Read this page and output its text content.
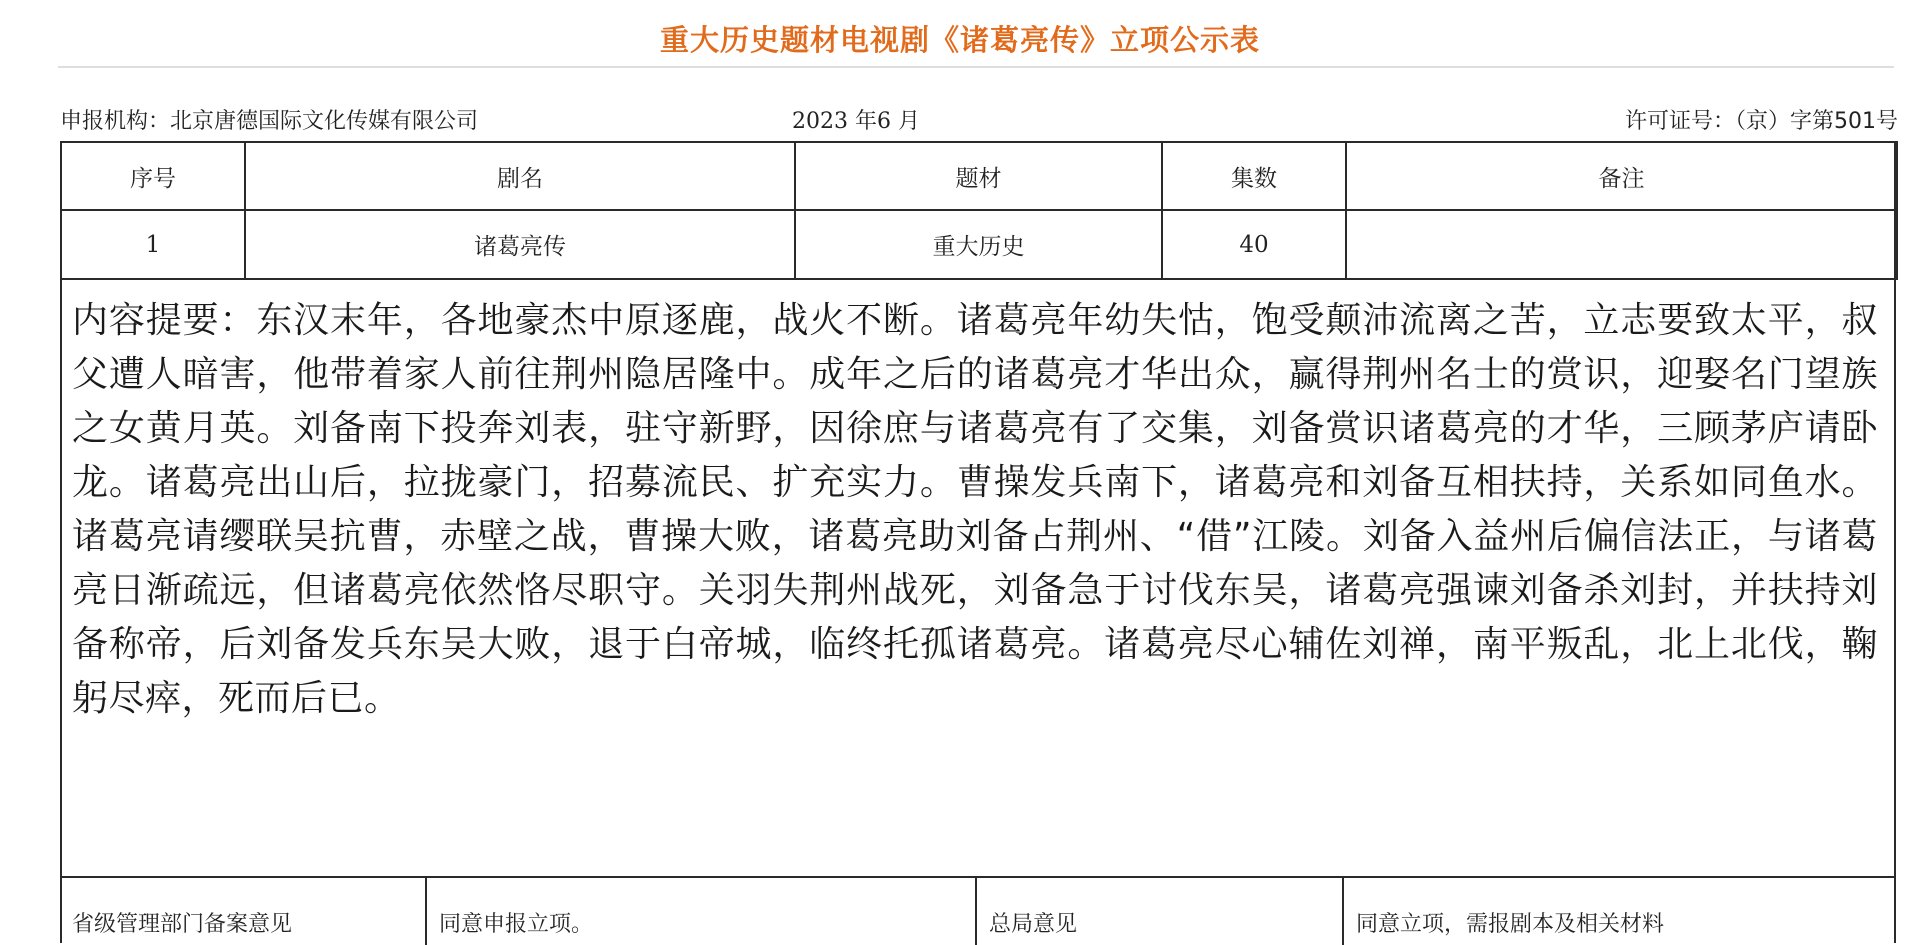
重大历史题材电视剧《诸葛亮传》立项公示表
申报机构：北京唐德国际文化传媒有限公司	2023 年6 月	许可证号：（京）字第501号
序号	剧名	题材	集数	备注
1	诸葛亮传	重大历史	40	
内容提要：东汉末年，各地豪杰中原逐鹿，战火不断。诸葛亮年幼失怙，饱受颠沛流离之苦，立志要致太平，叔父遭人暗害，他带着家人前往荆州隐居隆中。成年之后的诸葛亮才华出众，赢得荆州名士的赏识，迎娶名门望族之女黄月英。刘备南下投奔刘表，驻守新野，因徐庶与诸葛亮有了交集，刘备赏识诸葛亮的才华，三顾茅庐请卧龙。诸葛亮出山后，拉拢豪门，招募流民、扩充实力。曹操发兵南下，诸葛亮和刘备互相扶持，关系如同鱼水。诸葛亮请缨联吴抗曹，赤壁之战，曹操大败，诸葛亮助刘备占荆州、“借”江陵。刘备入益州后偏信法正，与诸葛亮日渐疏远，但诸葛亮依然恪尽职守。关羽失荆州战死，刘备急于讨伐东吴，诸葛亮强谏刘备杀刘封，并扶持刘备称帝，后刘备发兵东吴大败，退于白帝城，临终托孤诸葛亮。诸葛亮尽心辅佐刘禅，南平叛乱，北上北伐，鞠躬尽瘁，死而后已。
省级管理部门备案意见	同意申报立项。	总局意见	同意立项，需报剧本及相关材料
